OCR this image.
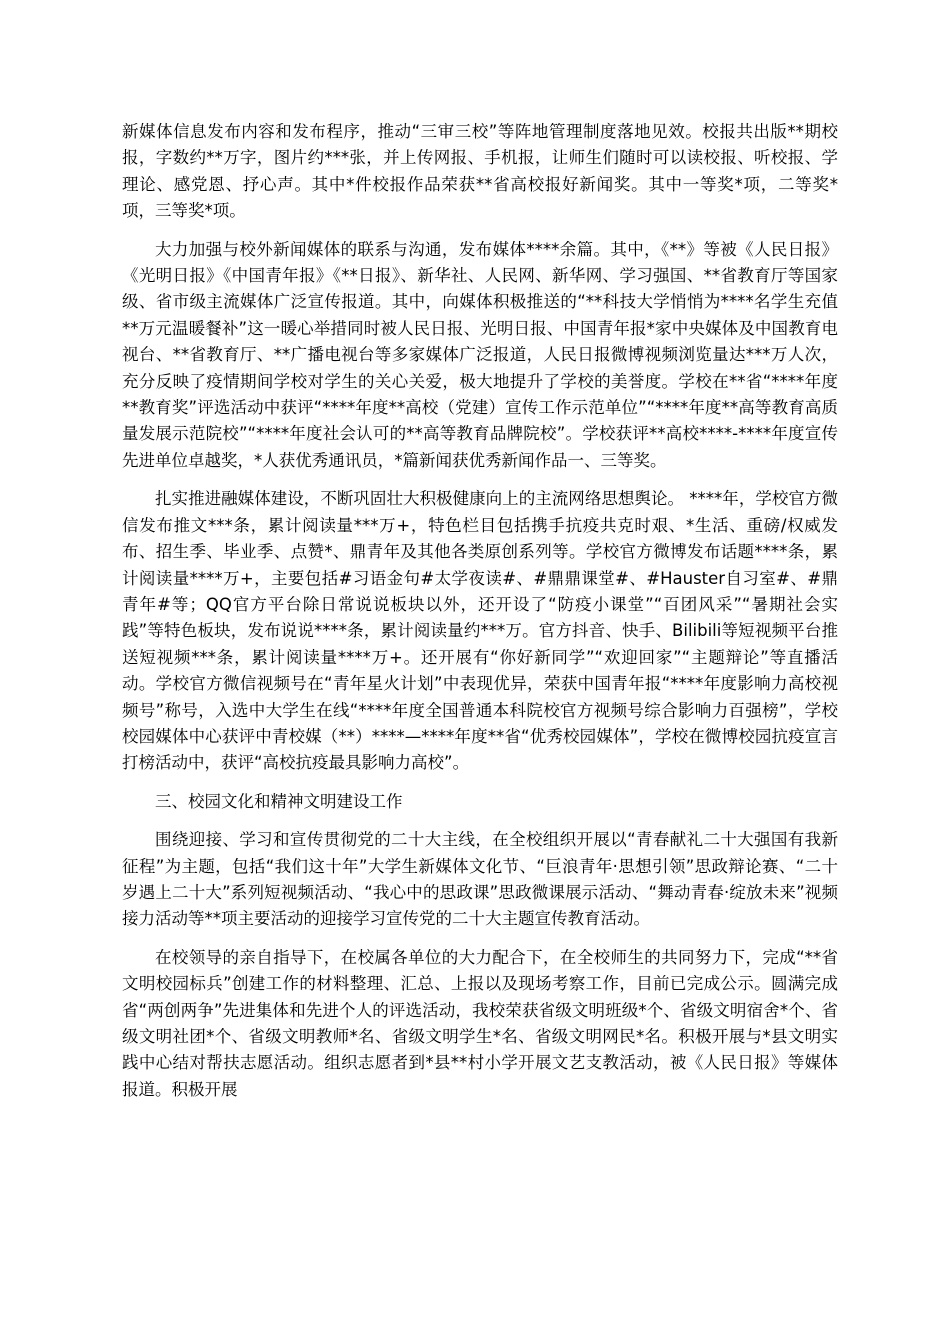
新媒体信息发布内容和发布程序，推动“三审三校”等阵地管理制度落地见效。校报共出版**期校报，字数约**万字，图片约***张，并上传网报、手机报，让师生们随时可以读校报、听校报、学理论、感党恩、抒心声。其中*件校报作品荣获**省高校报好新闻奖。其中一等奖*项，二等奖*项，三等奖*项。

大力加强与校外新闻媒体的联系与沟通，发布媒体****余篇。其中，《**》等被《人民日报》《光明日报》《中国青年报》《**日报》、新华社、人民网、新华网、学习强国、**省教育厅等国家级、省市级主流媒体广泛宣传报道。其中，向媒体积极推送的“**科技大学悄悄为****名学生充值**万元温暖餐补”这一暖心举措同时被人民日报、光明日报、中国青年报*家中央媒体及中国教育电视台、**省教育厅、**广播电视台等多家媒体广泛报道，人民日报微博视频浏览量达***万人次，充分反映了疫情期间学校对学生的关心关爱，极大地提升了学校的美誉度。学校在**省“****年度**教育奖”评选活动中获评“****年度**高校（党建）宣传工作示范单位”“****年度**高等教育高质量发展示范院校”“****年度社会认可的**高等教育品牌院校”。学校获评**高校****-****年度宣传先进单位卓越奖，*人获优秀通讯员，*篇新闻获优秀新闻作品一、三等奖。

扎实推进融媒体建设，不断巩固壮大积极健康向上的主流网络思想舆论。 ****年，学校官方微信发布推文***条，累计阅读量***万+，特色栏目包括携手抗疫共克时艰、*生活、重磅/权威发布、招生季、毕业季、点赞*、鼎青年及其他各类原创系列等。学校官方微博发布话题****条，累计阅读量****万+，主要包括#习语金句#太学夜读#、#鼎鼎课堂#、#Hauster自习室#、#鼎青年#等；QQ官方平台除日常说说板块以外，还开设了“防疫小课堂”“百团风采”“暑期社会实践”等特色板块，发布说说****条，累计阅读量约***万。官方抖音、快手、Bilibili等短视频平台推送短视频***条，累计阅读量****万+。还开展有“你好新同学”“欢迎回家”“主题辩论”等直播活动。学校官方微信视频号在“青年星火计划”中表现优异，荣获中国青年报“****年度影响力高校视频号”称号，入选中大学生在线“****年度全国普通本科院校官方视频号综合影响力百强榜”，学校校园媒体中心获评中青校媒（**）****—****年度**省“优秀校园媒体”，学校在微博校园抗疫宣言打榜活动中，获评“高校抗疫最具影响力高校”。

三、校园文化和精神文明建设工作

围绕迎接、学习和宣传贯彻党的二十大主线，在全校组织开展以“青春献礼二十大强国有我新征程”为主题，包括“我们这十年”大学生新媒体文化节、“巨浪青年·思想引领”思政辩论赛、“二十岁遇上二十大”系列短视频活动、“我心中的思政课”思政微课展示活动、“舞动青春·绽放未来”视频接力活动等**项主要活动的迎接学习宣传党的二十大主题宣传教育活动。

在校领导的亲自指导下，在校属各单位的大力配合下，在全校师生的共同努力下，完成“**省文明校园标兵”创建工作的材料整理、汇总、上报以及现场考察工作，目前已完成公示。圆满完成省“两创两争”先进集体和先进个人的评选活动，我校荣获省级文明班级*个、省级文明宿舍*个、省级文明社团*个、省级文明教师*名、省级文明学生*名、省级文明网民*名。积极开展与*县文明实践中心结对帮扶志愿活动。组织志愿者到*县**村小学开展文艺支教活动，被《人民日报》等媒体报道。积极开展
